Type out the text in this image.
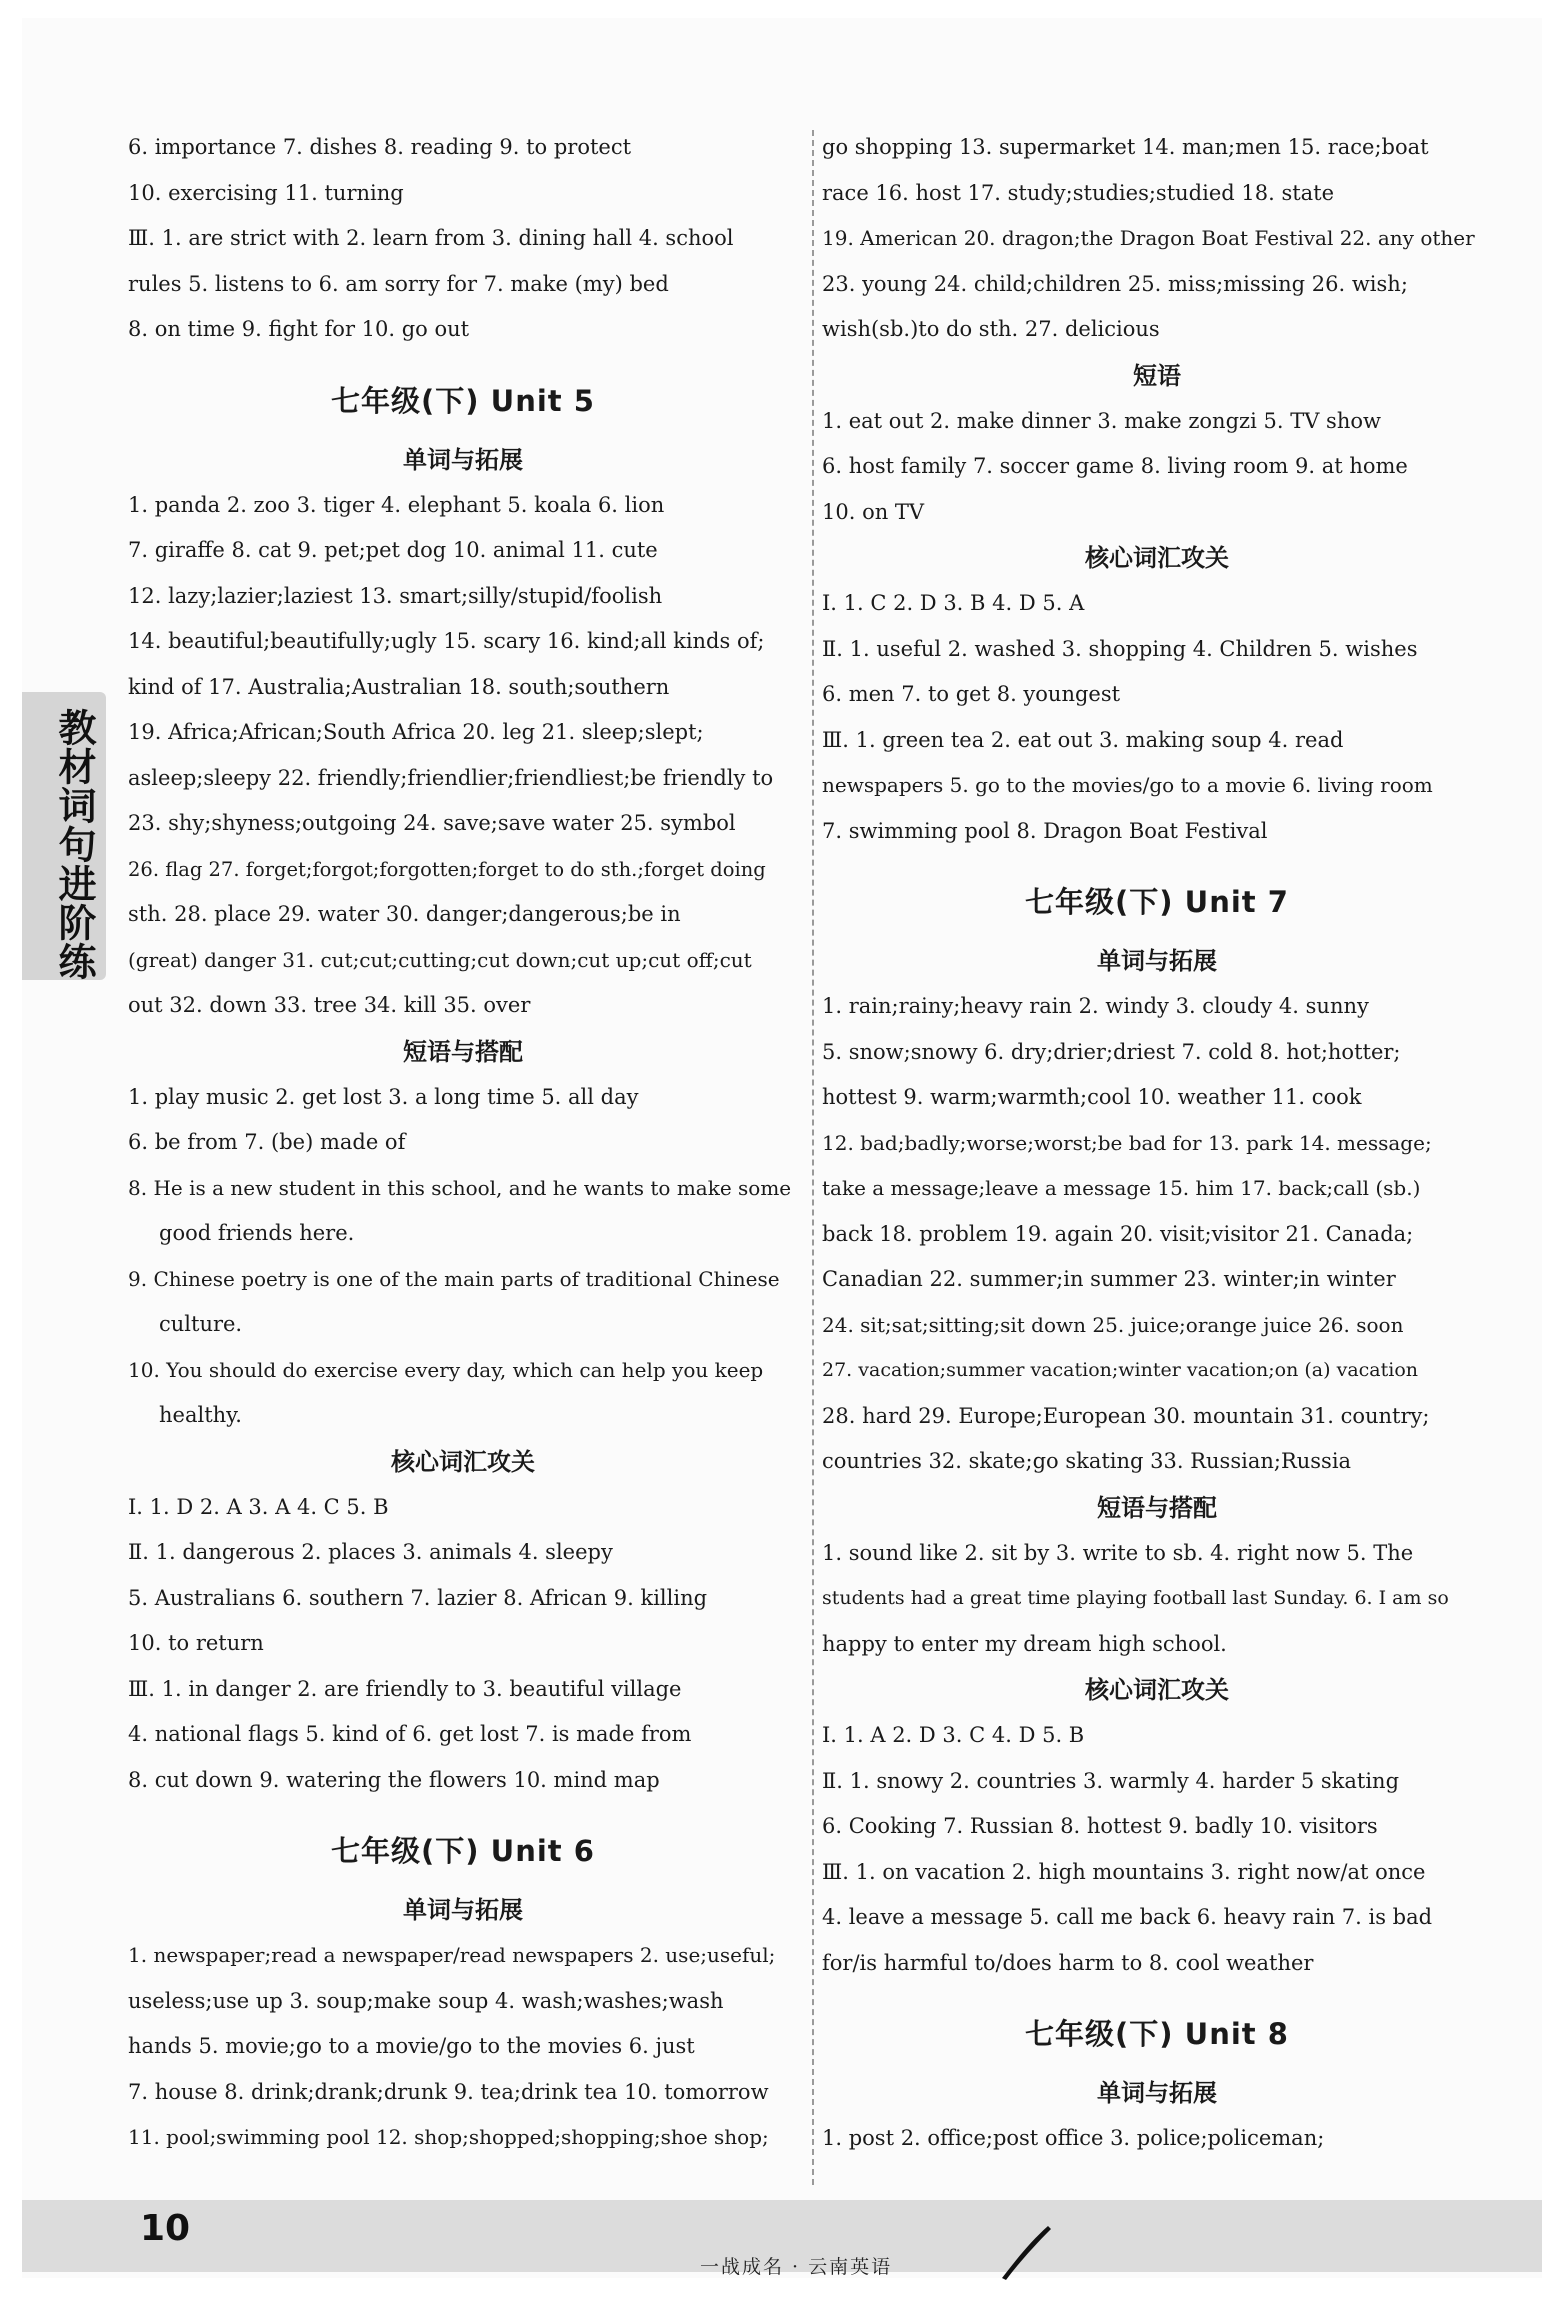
教材词句进阶练
6. importance 7. dishes 8. reading 9. to protect
10. exercising 11. turning
Ⅲ. 1. are strict with 2. learn from 3. dining hall 4. school
rules 5. listens to 6. am sorry for 7. make (my) bed
8. on time 9. fight for 10. go out
七年级(下) Unit 5
单词与拓展
1. panda 2. zoo 3. tiger 4. elephant 5. koala 6. lion
7. giraffe 8. cat 9. pet;pet dog 10. animal 11. cute
12. lazy;lazier;laziest 13. smart;silly/stupid/foolish
14. beautiful;beautifully;ugly 15. scary 16. kind;all kinds of;
kind of 17. Australia;Australian 18. south;southern
19. Africa;African;South Africa 20. leg 21. sleep;slept;
asleep;sleepy 22. friendly;friendlier;friendliest;be friendly to
23. shy;shyness;outgoing 24. save;save water 25. symbol
26. flag 27. forget;forgot;forgotten;forget to do sth.;forget doing
sth. 28. place 29. water 30. danger;dangerous;be in
(great) danger 31. cut;cut;cutting;cut down;cut up;cut off;cut
out 32. down 33. tree 34. kill 35. over
短语与搭配
1. play music 2. get lost 3. a long time 5. all day
6. be from 7. (be) made of
8. He is a new student in this school, and he wants to make some
good friends here.
9. Chinese poetry is one of the main parts of traditional Chinese
culture.
10. You should do exercise every day, which can help you keep
healthy.
核心词汇攻关
Ⅰ. 1. D 2. A 3. A 4. C 5. B
Ⅱ. 1. dangerous 2. places 3. animals 4. sleepy
5. Australians 6. southern 7. lazier 8. African 9. killing
10. to return
Ⅲ. 1. in danger 2. are friendly to 3. beautiful village
4. national flags 5. kind of 6. get lost 7. is made from
8. cut down 9. watering the flowers 10. mind map
七年级(下) Unit 6
单词与拓展
1. newspaper;read a newspaper/read newspapers 2. use;useful;
useless;use up 3. soup;make soup 4. wash;washes;wash
hands 5. movie;go to a movie/go to the movies 6. just
7. house 8. drink;drank;drunk 9. tea;drink tea 10. tomorrow
11. pool;swimming pool 12. shop;shopped;shopping;shoe shop;
go shopping 13. supermarket 14. man;men 15. race;boat
race 16. host 17. study;studies;studied 18. state
19. American 20. dragon;the Dragon Boat Festival 22. any other
23. young 24. child;children 25. miss;missing 26. wish;
wish(sb.)to do sth. 27. delicious
短语
1. eat out 2. make dinner 3. make zongzi 5. TV show
6. host family 7. soccer game 8. living room 9. at home
10. on TV
核心词汇攻关
Ⅰ. 1. C 2. D 3. B 4. D 5. A
Ⅱ. 1. useful 2. washed 3. shopping 4. Children 5. wishes
6. men 7. to get 8. youngest
Ⅲ. 1. green tea 2. eat out 3. making soup 4. read
newspapers 5. go to the movies/go to a movie 6. living room
7. swimming pool 8. Dragon Boat Festival
七年级(下) Unit 7
单词与拓展
1. rain;rainy;heavy rain 2. windy 3. cloudy 4. sunny
5. snow;snowy 6. dry;drier;driest 7. cold 8. hot;hotter;
hottest 9. warm;warmth;cool 10. weather 11. cook
12. bad;badly;worse;worst;be bad for 13. park 14. message;
take a message;leave a message 15. him 17. back;call (sb.)
back 18. problem 19. again 20. visit;visitor 21. Canada;
Canadian 22. summer;in summer 23. winter;in winter
24. sit;sat;sitting;sit down 25. juice;orange juice 26. soon
27. vacation;summer vacation;winter vacation;on (a) vacation
28. hard 29. Europe;European 30. mountain 31. country;
countries 32. skate;go skating 33. Russian;Russia
短语与搭配
1. sound like 2. sit by 3. write to sb. 4. right now 5. The
students had a great time playing football last Sunday. 6. I am so
happy to enter my dream high school.
核心词汇攻关
Ⅰ. 1. A 2. D 3. C 4. D 5. B
Ⅱ. 1. snowy 2. countries 3. warmly 4. harder 5 skating
6. Cooking 7. Russian 8. hottest 9. badly 10. visitors
Ⅲ. 1. on vacation 2. high mountains 3. right now/at once
4. leave a message 5. call me back 6. heavy rain 7. is bad
for/is harmful to/does harm to 8. cool weather
七年级(下) Unit 8
单词与拓展
1. post 2. office;post office 3. police;policeman;
10
一战成名 · 云南英语
